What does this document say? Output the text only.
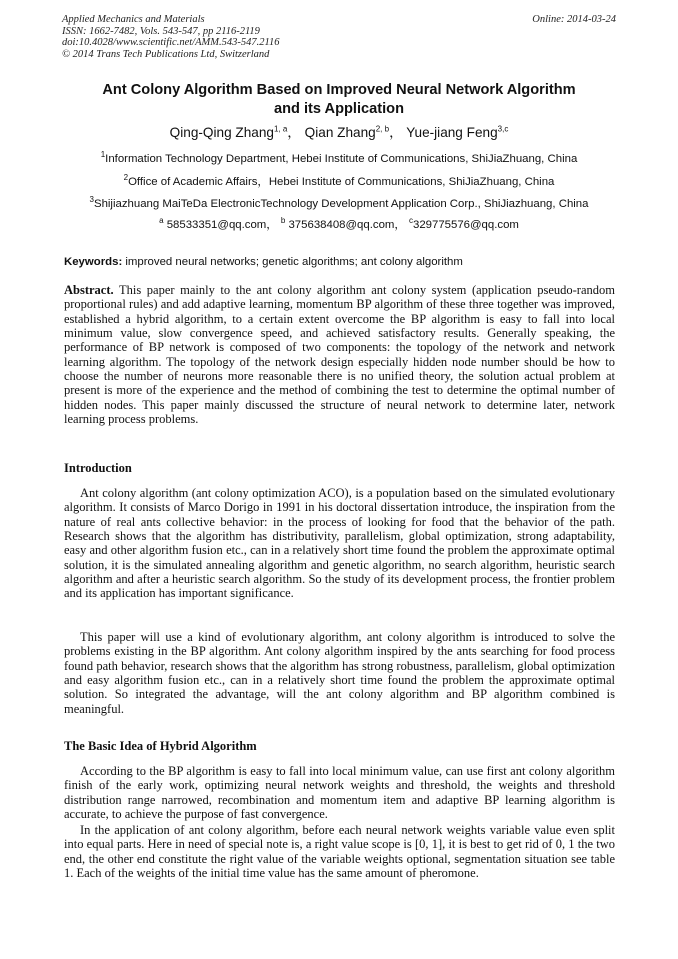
Applied Mechanics and Materials
ISSN: 1662-7482, Vols. 543-547, pp 2116-2119
doi:10.4028/www.scientific.net/AMM.543-547.2116
© 2014 Trans Tech Publications Ltd, Switzerland
Online: 2014-03-24
Ant Colony Algorithm Based on Improved Neural Network Algorithm
and its Application
Qing-Qing Zhang$^{1, a}$， Qian Zhang$^{2, b}$， Yue-jiang Feng$^{3,c}$
$^1$Information Technology Department, Hebei Institute of Communications, ShiJiaZhuang, China
$^2$Office of Academic Affairs，Hebei Institute of Communications, ShiJiaZhuang, China
$^3$Shijiazhuang MaiTeDa ElectronicTechnology Development Application Corp., ShiJiazhuang, China
$^a$ 58533351@qq.com， $^b$ 375638408@qq.com， $^c$329775576@qq.com
Keywords: improved neural networks; genetic algorithms; ant colony algorithm
Abstract. This paper mainly to the ant colony algorithm ant colony system (application pseudo-random proportional rules) and add adaptive learning, momentum BP algorithm of these three together was improved, established a hybrid algorithm, to a certain extent overcome the BP algorithm is easy to fall into local minimum value, slow convergence speed, and achieved satisfactory results. Generally speaking, the performance of BP network is composed of two components: the topology of the network and network learning algorithm. The topology of the network design especially hidden node number should be how to choose the number of neurons more reasonable there is no unified theory, the solution actual problem at present is more of the experience and the method of combining the test to determine the optimal number of hidden nodes. This paper mainly discussed the structure of neural network to determine later, network learning process problems.
Introduction
Ant colony algorithm (ant colony optimization ACO), is a population based on the simulated evolutionary algorithm. It consists of Marco Dorigo in 1991 in his doctoral dissertation introduce, the inspiration from the nature of real ants collective behavior: in the process of looking for food that the behavior of the path. Research shows that the algorithm has distributivity, parallelism, global optimization, strong adaptability, easy and other algorithm fusion etc., can in a relatively short time found the problem the approximate optimal solution, it is the simulated annealing algorithm and genetic algorithm, no search algorithm, heuristic search algorithm and after a heuristic search algorithm. So the study of its development process, the frontier problem and its application has important significance.
This paper will use a kind of evolutionary algorithm, ant colony algorithm is introduced to solve the problems existing in the BP algorithm. Ant colony algorithm inspired by the ants searching for food process found path behavior, research shows that the algorithm has strong robustness, parallelism, global optimization and easy algorithm fusion etc., can in a relatively short time found the problem the approximate optimal solution. So integrated the advantage, will the ant colony algorithm and BP algorithm combined is meaningful.
The Basic Idea of Hybrid Algorithm
According to the BP algorithm is easy to fall into local minimum value, can use first ant colony algorithm finish of the early work, optimizing neural network weights and threshold, the weights and threshold distribution range narrowed, recombination and momentum item and adaptive BP learning algorithm is accurate, to achieve the purpose of fast convergence.
In the application of ant colony algorithm, before each neural network weights variable value even split into equal parts. Here in need of special note is, a right value scope is [0, 1], it is best to get rid of 0, 1 the two end, the other end constitute the right value of the variable weights optional, segmentation situation see table 1. Each of the weights of the initial time value has the same amount of pheromone.
